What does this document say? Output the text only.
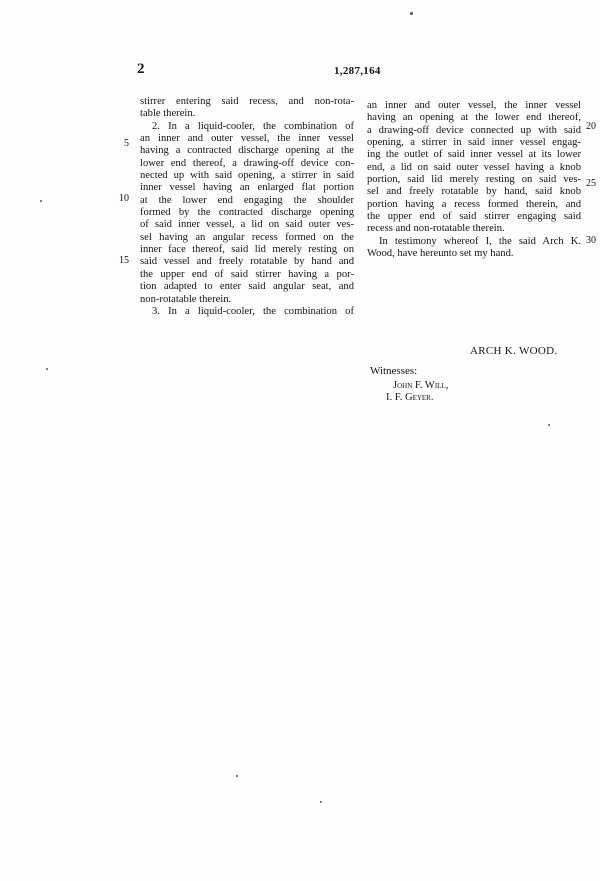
2	1,287,164
stirrer entering said recess, and non-rota-
table therein.
2. In a liquid-cooler, the combination of
an inner and outer vessel, the inner vessel
having a contracted discharge opening at the
lower end thereof, a drawing-off device con-
nected up with said opening, a stirrer in said
inner vessel having an enlarged flat portion
at the lower end engaging the shoulder
formed by the contracted discharge opening
of said inner vessel, a lid on said outer ves-
sel having an angular recess formed on the
inner face thereof, said lid merely resting on
said vessel and freely rotatable by hand and
the upper end of said stirrer having a por-
tion adapted to enter said angular seat, and
non-rotatable therein.
3. In a liquid-cooler, the combination of
5
10
15
an inner and outer vessel, the inner vessel
having an opening at the lower end thereof,
a drawing-off device connected up with said
opening, a stirrer in said inner vessel engag-
ing the outlet of said inner vessel at its lower
end, a lid on said outer vessel having a knob
portion, said lid merely resting on said ves-
sel and freely rotatable by hand, said knob
portion having a recess formed therein, and
the upper end of said stirrer engaging said
recess and non-rotatable therein.
In testimony whereof I, the said Arch K.
Wood, have hereunto set my hand.
20
25
30
ARCH K. WOOD.
Witnesses:
John F. Will,
I. F. Geyer.
